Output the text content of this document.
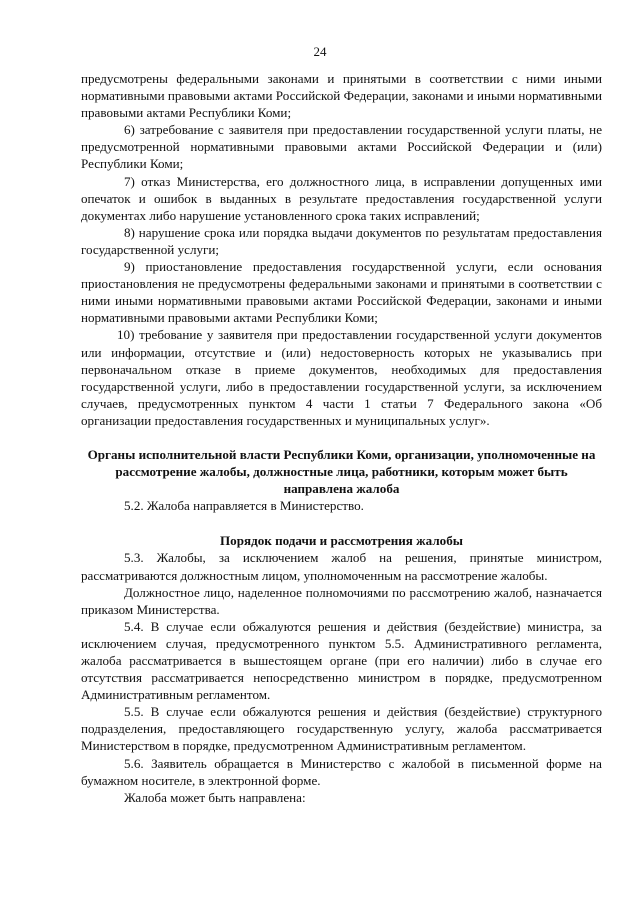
24

предусмотрены федеральными законами и принятыми в соответствии с ними иными нормативными правовыми актами Российской Федерации, законами и иными нормативными правовыми актами Республики Коми;

6) затребование с заявителя при предоставлении государственной услуги платы, не предусмотренной нормативными правовыми актами Российской Федерации и (или) Республики Коми;

7) отказ Министерства, его должностного лица, в исправлении допущенных ими опечаток и ошибок в выданных в результате предоставления государственной услуги документах либо нарушение установленного срока таких исправлений;

8) нарушение срока или порядка выдачи документов по результатам предоставления государственной услуги;

9) приостановление предоставления государственной услуги, если основания приостановления не предусмотрены федеральными законами и принятыми в соответствии с ними иными нормативными правовыми актами Российской Федерации, законами и иными нормативными правовыми актами Республики Коми;

10) требование у заявителя при предоставлении государственной услуги документов или информации, отсутствие и (или) недостоверность которых не указывались при первоначальном отказе в приеме документов, необходимых для предоставления государственной услуги, либо в предоставлении государственной услуги, за исключением случаев, предусмотренных пунктом 4 части 1 статьи 7 Федерального закона «Об организации предоставления государственных и муниципальных услуг».

Органы исполнительной власти Республики Коми, организации, уполномоченные на рассмотрение жалобы, должностные лица, работники, которым может быть направлена жалоба

5.2. Жалоба направляется в Министерство.

Порядок подачи и рассмотрения жалобы

5.3. Жалобы, за исключением жалоб на решения, принятые министром, рассматриваются должностным лицом, уполномоченным на рассмотрение жалобы.

Должностное лицо, наделенное полномочиями по рассмотрению жалоб, назначается приказом Министерства.

5.4. В случае если обжалуются решения и действия (бездействие) министра, за исключением случая, предусмотренного пунктом 5.5. Административного регламента, жалоба рассматривается в вышестоящем органе (при его наличии) либо в случае его отсутствия рассматривается непосредственно министром в порядке, предусмотренном Административным регламентом.

5.5. В случае если обжалуются решения и действия (бездействие) структурного подразделения, предоставляющего государственную услугу, жалоба рассматривается Министерством в порядке, предусмотренном Административным регламентом.

5.6. Заявитель обращается в Министерство с жалобой в письменной форме на бумажном носителе, в электронной форме.

Жалоба может быть направлена:
